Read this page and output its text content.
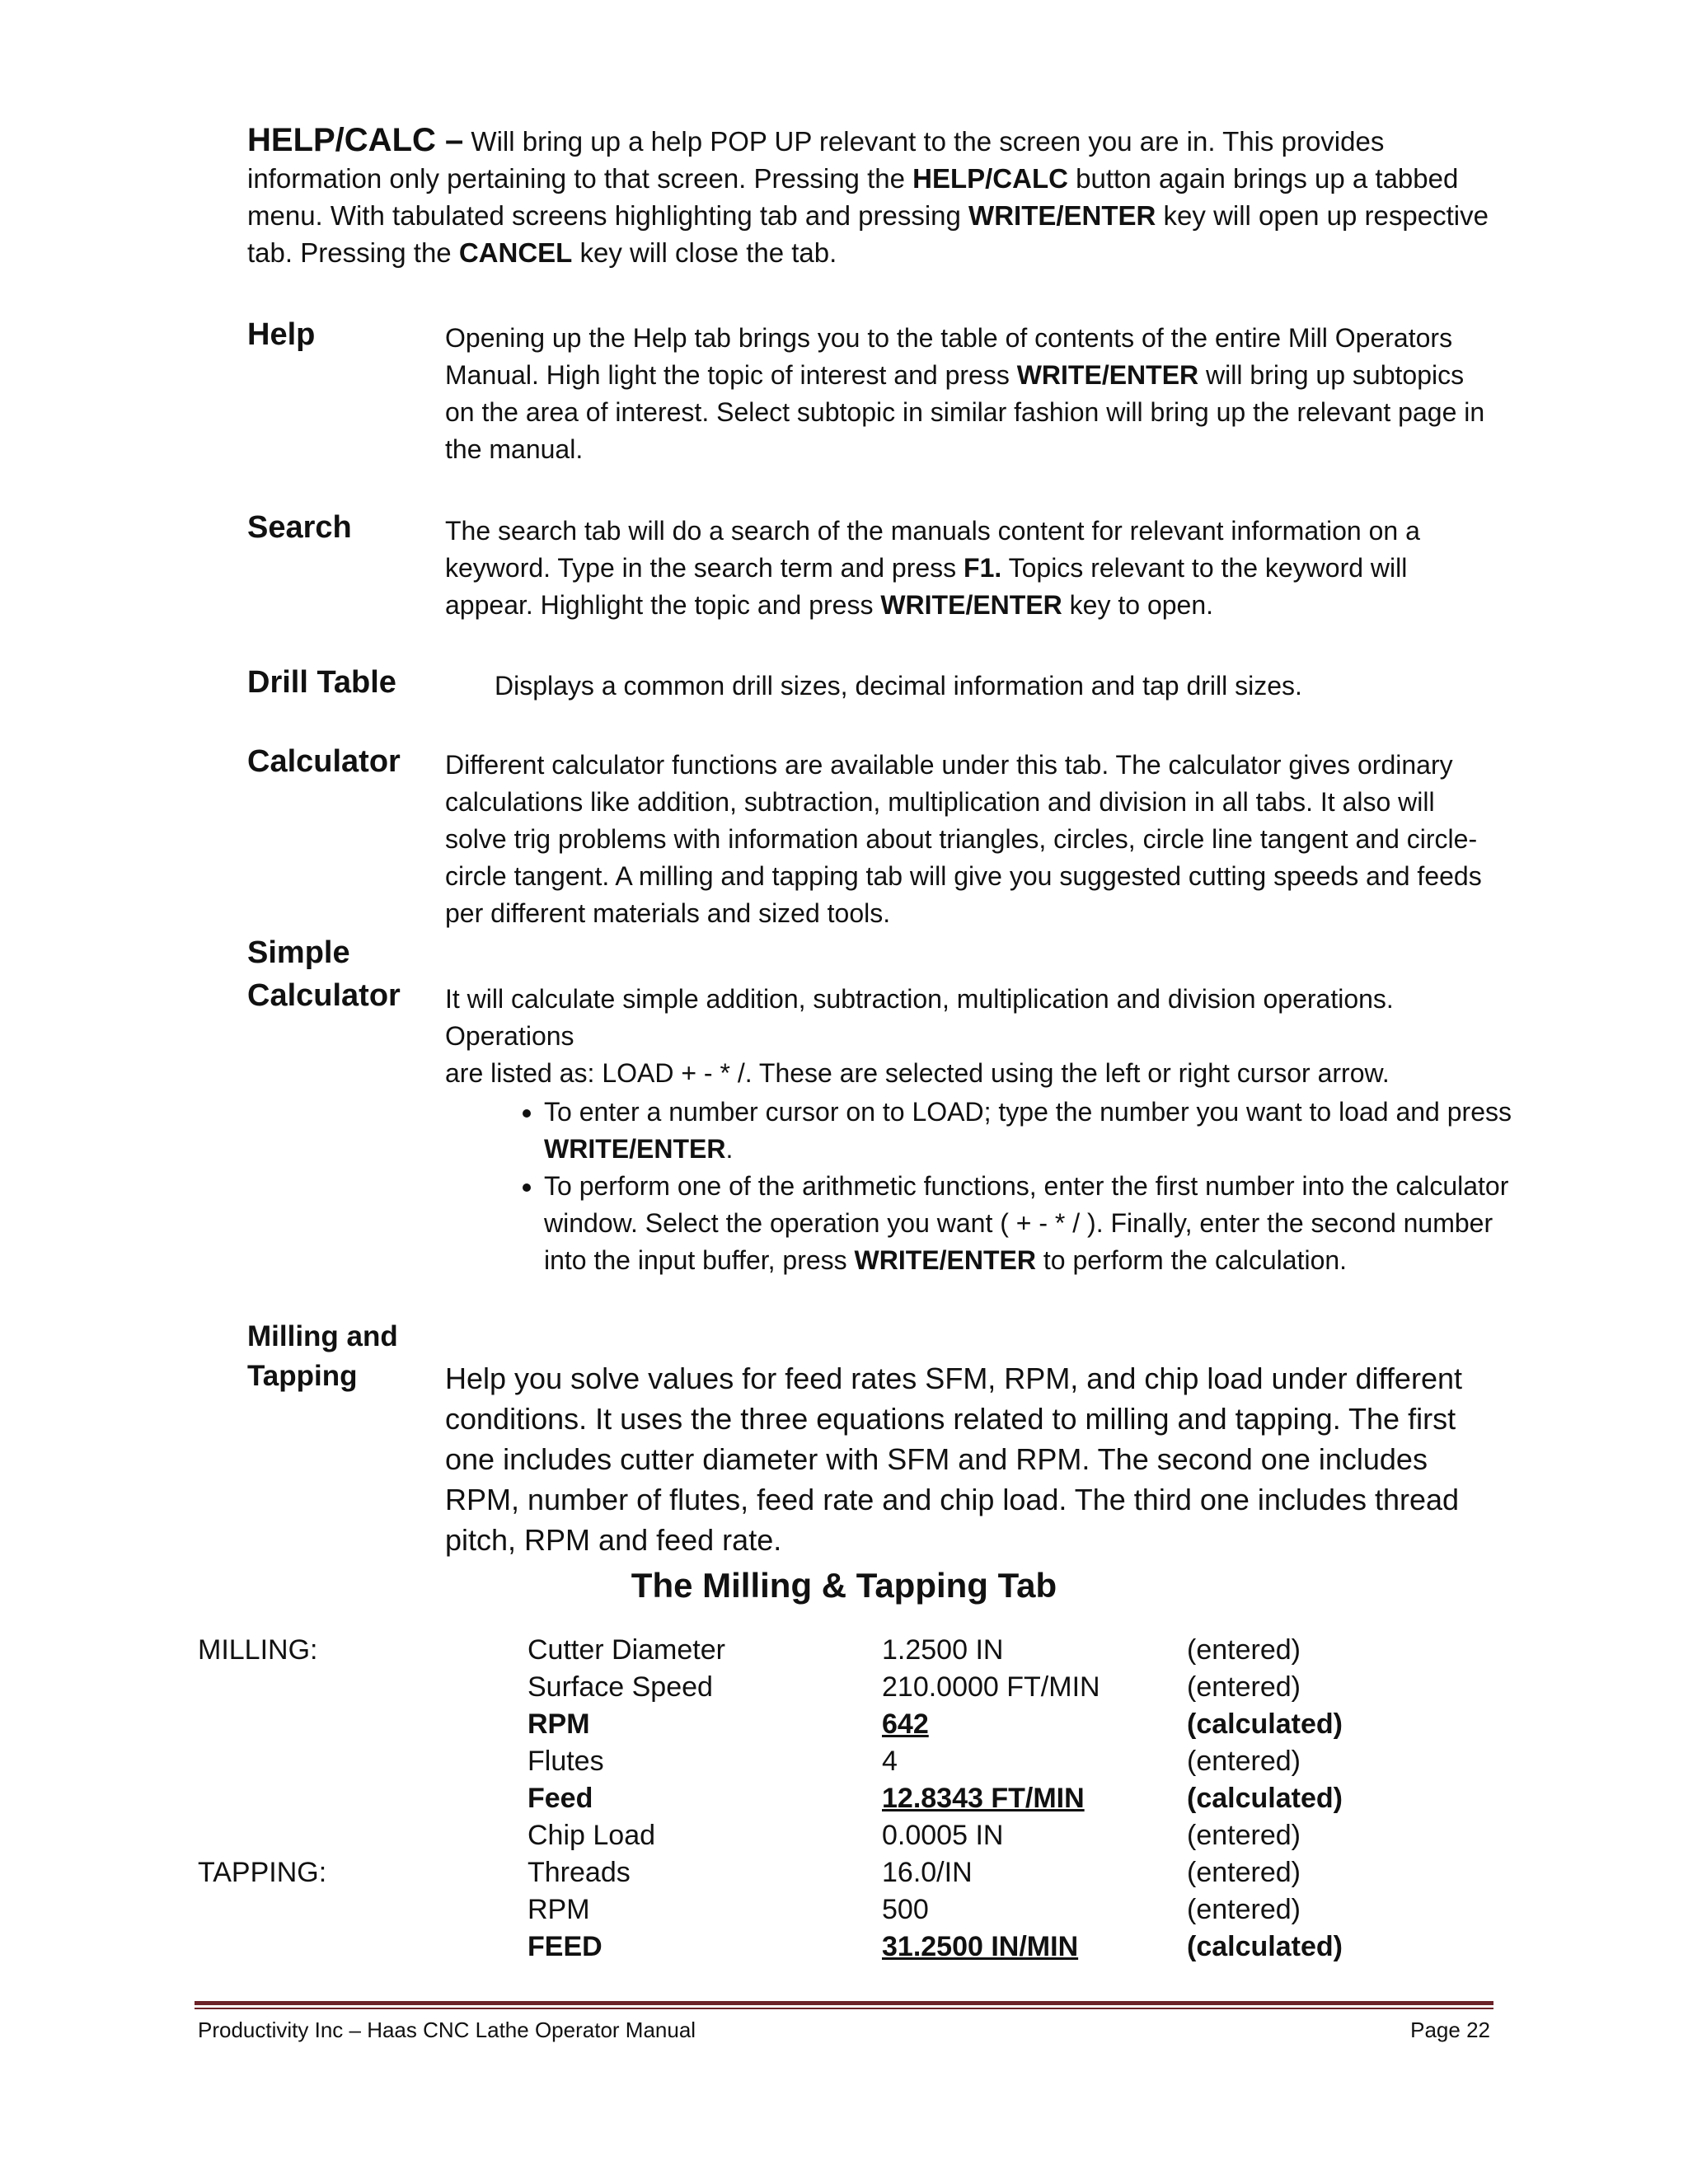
HELP/CALC – Will bring up a help POP UP relevant to the screen you are in. This provides information only pertaining to that screen. Pressing the HELP/CALC button again brings up a tabbed menu. With tabulated screens highlighting tab and pressing WRITE/ENTER key will open up respective tab. Pressing the CANCEL key will close the tab.

Help	Opening up the Help tab brings you to the table of contents of the entire Mill Operators Manual. High light the topic of interest and press WRITE/ENTER will bring up subtopics on the area of interest. Select subtopic in similar fashion will bring up the relevant page in the manual.

Search	The search tab will do a search of the manuals content for relevant information on a keyword. Type in the search term and press F1. Topics relevant to the keyword will appear. Highlight the topic and press WRITE/ENTER key to open.

Drill Table	Displays a common drill sizes, decimal information and tap drill sizes.

Calculator Different calculator functions are available under this tab. The calculator gives ordinary calculations like addition, subtraction, multiplication and division in all tabs. It also will solve trig problems with information about triangles, circles, circle line tangent and circle- circle tangent. A milling and tapping tab will give you suggested cutting speeds and feeds per different materials and sized tools.

Simple

Calculator It will calculate simple addition, subtraction, multiplication and division operations.

Operations

are listed as: LOAD + - * /. These are selected using the left or right cursor arrow.

• To enter a number cursor on to LOAD; type the number you want to load and press WRITE/ENTER.
• To perform one of the arithmetic functions, enter the first number into the calculator window. Select the operation you want ( + - * / ). Finally, enter the second number into the input buffer, press WRITE/ENTER to perform the calculation.

Milling and

Tapping	Help you solve values for feed rates SFM, RPM, and chip load under different conditions. It uses the three equations related to milling and tapping. The first one includes cutter diameter with SFM and RPM. The second one includes RPM, number of flutes, feed rate and chip load. The third one includes thread pitch, RPM and feed rate.

The Milling & Tapping Tab

MILLING:	Cutter Diameter	1.2500 IN	(entered)
	Surface Speed	210.0000 FT/MIN	(entered)
	RPM	642	(calculated)
	Flutes	4	(entered)
	Feed	12.8343 FT/MIN	(calculated)
	Chip Load	0.0005 IN	(entered)
TAPPING:	Threads	16.0/IN	(entered)
	RPM	500	(entered)
	FEED	31.2500 IN/MIN	(calculated)
Productivity Inc – Haas CNC Lathe Operator Manual	Page 22
